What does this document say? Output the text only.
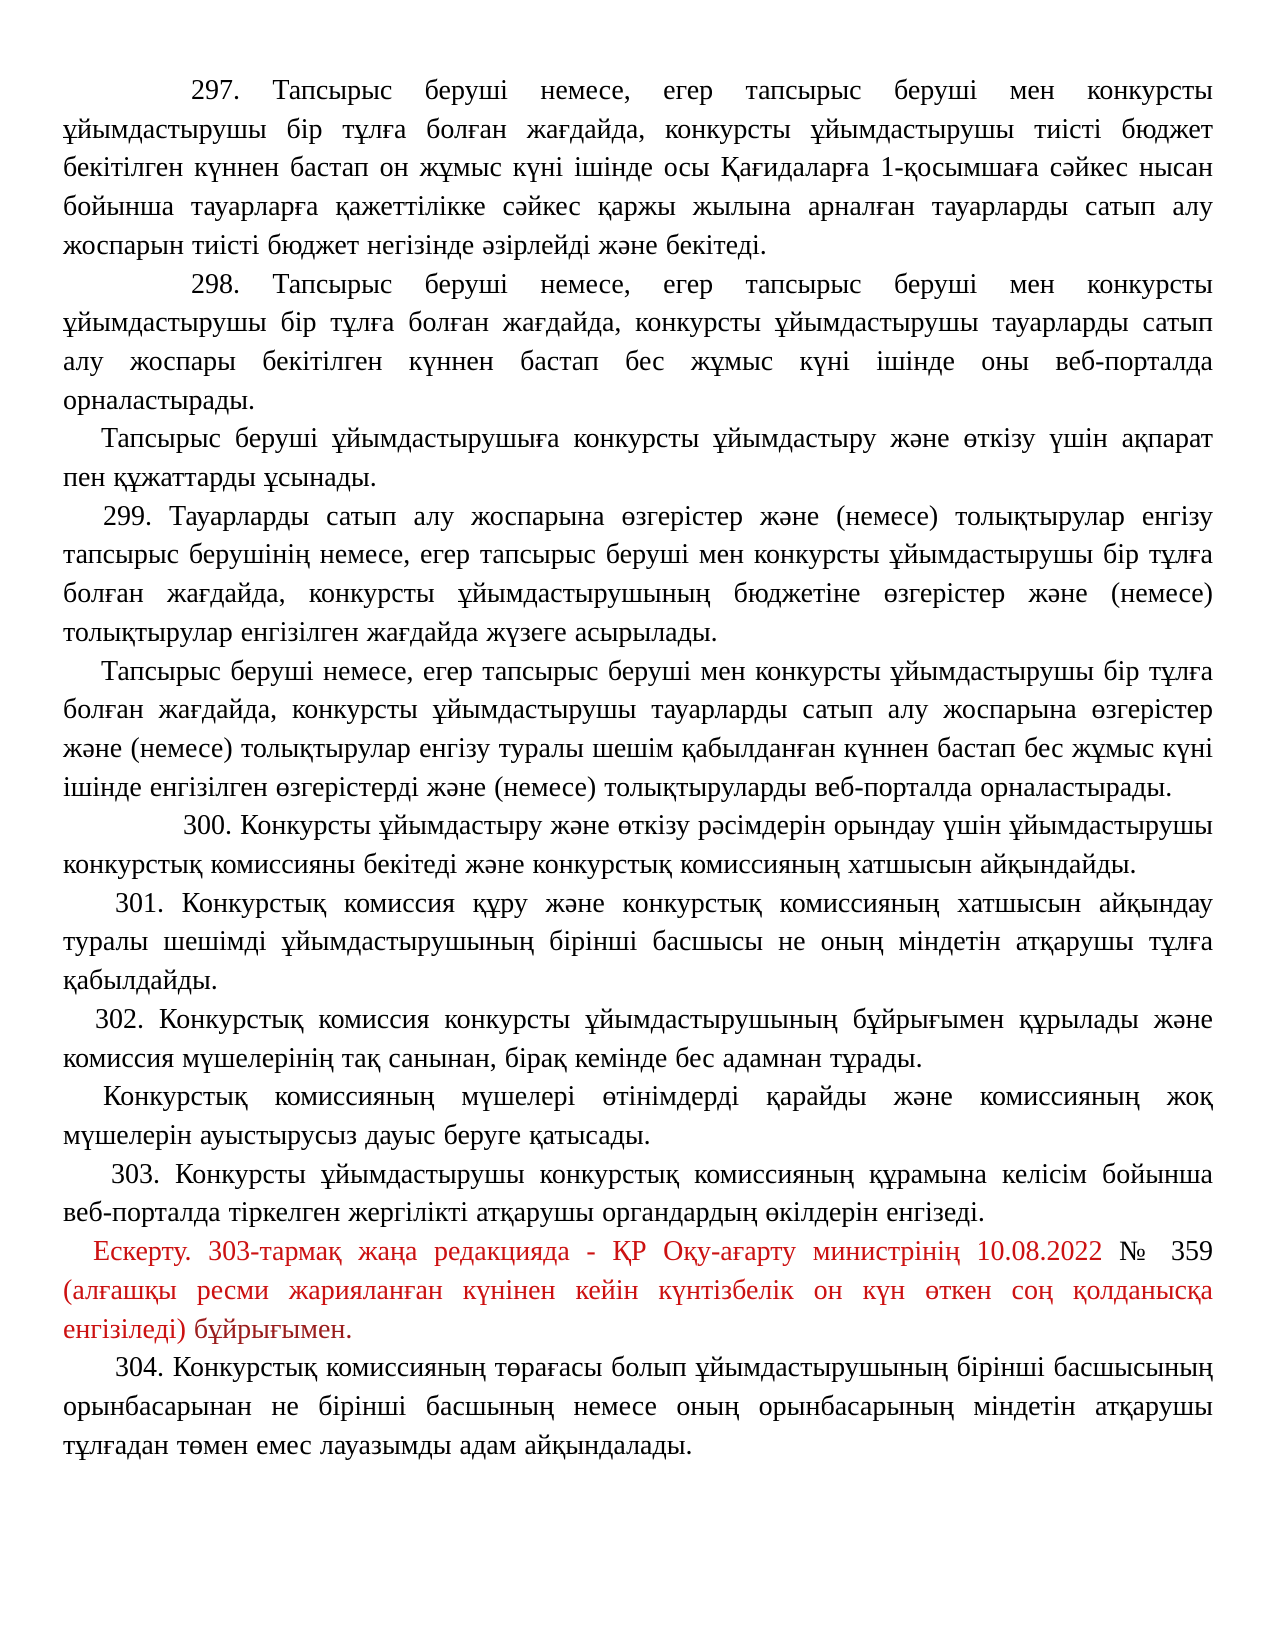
297. Тапсырыс беруші немесе, егер тапсырыс беруші мен конкурсты ұйымдастырушы бір тұлға болған жағдайда, конкурсты ұйымдастырушы тиісті бюджет бекітілген күннен бастап он жұмыс күні ішінде осы Қағидаларға 1-қосымшаға сәйкес нысан бойынша тауарларға қажеттілікке сәйкес қаржы жылына арналған тауарларды сатып алу жоспарын тиісті бюджет негізінде әзірлейді және бекітеді.

298. Тапсырыс беруші немесе, егер тапсырыс беруші мен конкурсты ұйымдастырушы бір тұлға болған жағдайда, конкурсты ұйымдастырушы тауарларды сатып алу жоспары бекітілген күннен бастап бес жұмыс күні ішінде оны веб-порталда орналастырады.

Тапсырыс беруші ұйымдастырушыға конкурсты ұйымдастыру және өткізу үшін ақпарат пен құжаттарды ұсынады.

299. Тауарларды сатып алу жоспарына өзгерістер және (немесе) толықтырулар енгізу тапсырыс берушінің немесе, егер тапсырыс беруші мен конкурсты ұйымдастырушы бір тұлға болған жағдайда, конкурсты ұйымдастырушының бюджетіне өзгерістер және (немесе) толықтырулар енгізілген жағдайда жүзеге асырылады.

Тапсырыс беруші немесе, егер тапсырыс беруші мен конкурсты ұйымдастырушы бір тұлға болған жағдайда, конкурсты ұйымдастырушы тауарларды сатып алу жоспарына өзгерістер және (немесе) толықтырулар енгізу туралы шешім қабылданған күннен бастап бес жұмыс күні ішінде енгізілген өзгерістерді және (немесе) толықтыруларды веб-порталда орналастырады.

300. Конкурсты ұйымдастыру және өткізу рәсімдерін орындау үшін ұйымдастырушы конкурстық комиссияны бекітеді және конкурстық комиссияның хатшысын айқындайды.

301. Конкурстық комиссия құру және конкурстық комиссияның хатшысын айқындау туралы шешімді ұйымдастырушының бірінші басшысы не оның міндетін атқарушы тұлға қабылдайды.

302. Конкурстық комиссия конкурсты ұйымдастырушының бұйрығымен құрылады және комиссия мүшелерінің тақ санынан, бірақ кемінде бес адамнан тұрады.

Конкурстық комиссияның мүшелері өтінімдерді қарайды және комиссияның жоқ мүшелерін ауыстырусыз дауыс беруге қатысады.

303. Конкурсты ұйымдастырушы конкурстық комиссияның құрамына келісім бойынша веб-порталда тіркелген жергілікті атқарушы органдардың өкілдерін енгізеді.

Ескерту. 303-тармақ жаңа редакцияда - ҚР Оқу-ағарту министрінің 10.08.2022 № 359 (алғашқы ресми жарияланған күнінен кейін күнтізбелік он күн өткен соң қолданысқа енгізіледі) бұйрығымен.

304. Конкурстық комиссияның төрағасы болып ұйымдастырушының бірінші басшысының орынбасарынан не бірінші басшының немесе оның орынбасарының міндетін атқарушы тұлғадан төмен емес лауазымды адам айқындалады.
